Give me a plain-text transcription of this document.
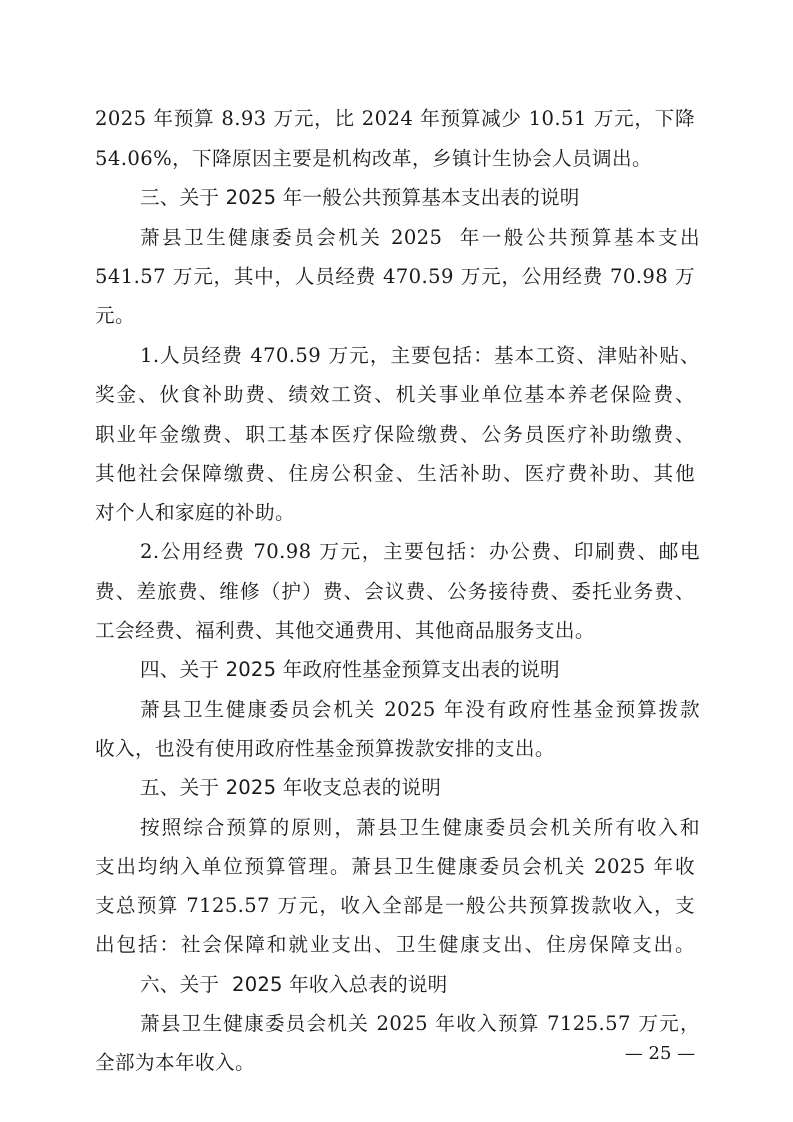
2025 年预算 8.93 万元，比 2024 年预算减少 10.51 万元，下降

54.06%，下降原因主要是机构改革，乡镇计生协会人员调出。

三、关于 2025 年一般公共预算基本支出表的说明

萧县卫生健康委员会机关 2025  年一般公共预算基本支出

541.57 万元，其中，人员经费 470.59 万元，公用经费 70.98 万

元。

1.人员经费 470.59 万元，主要包括：基本工资、津贴补贴、

奖金、伙食补助费、绩效工资、机关事业单位基本养老保险费、

职业年金缴费、职工基本医疗保险缴费、公务员医疗补助缴费、

其他社会保障缴费、住房公积金、生活补助、医疗费补助、其他

对个人和家庭的补助。

2.公用经费 70.98 万元，主要包括：办公费、印刷费、邮电

费、差旅费、维修（护）费、会议费、公务接待费、委托业务费、

工会经费、福利费、其他交通费用、其他商品服务支出。

四、关于 2025 年政府性基金预算支出表的说明

萧县卫生健康委员会机关 2025 年没有政府性基金预算拨款

收入，也没有使用政府性基金预算拨款安排的支出。

五、关于 2025 年收支总表的说明

按照综合预算的原则，萧县卫生健康委员会机关所有收入和

支出均纳入单位预算管理。萧县卫生健康委员会机关 2025 年收

支总预算 7125.57 万元，收入全部是一般公共预算拨款收入，支

出包括：社会保障和就业支出、卫生健康支出、住房保障支出。

六、关于  2025 年收入总表的说明

萧县卫生健康委员会机关 2025 年收入预算 7125.57 万元，

全部为本年收入。	— 25 —
